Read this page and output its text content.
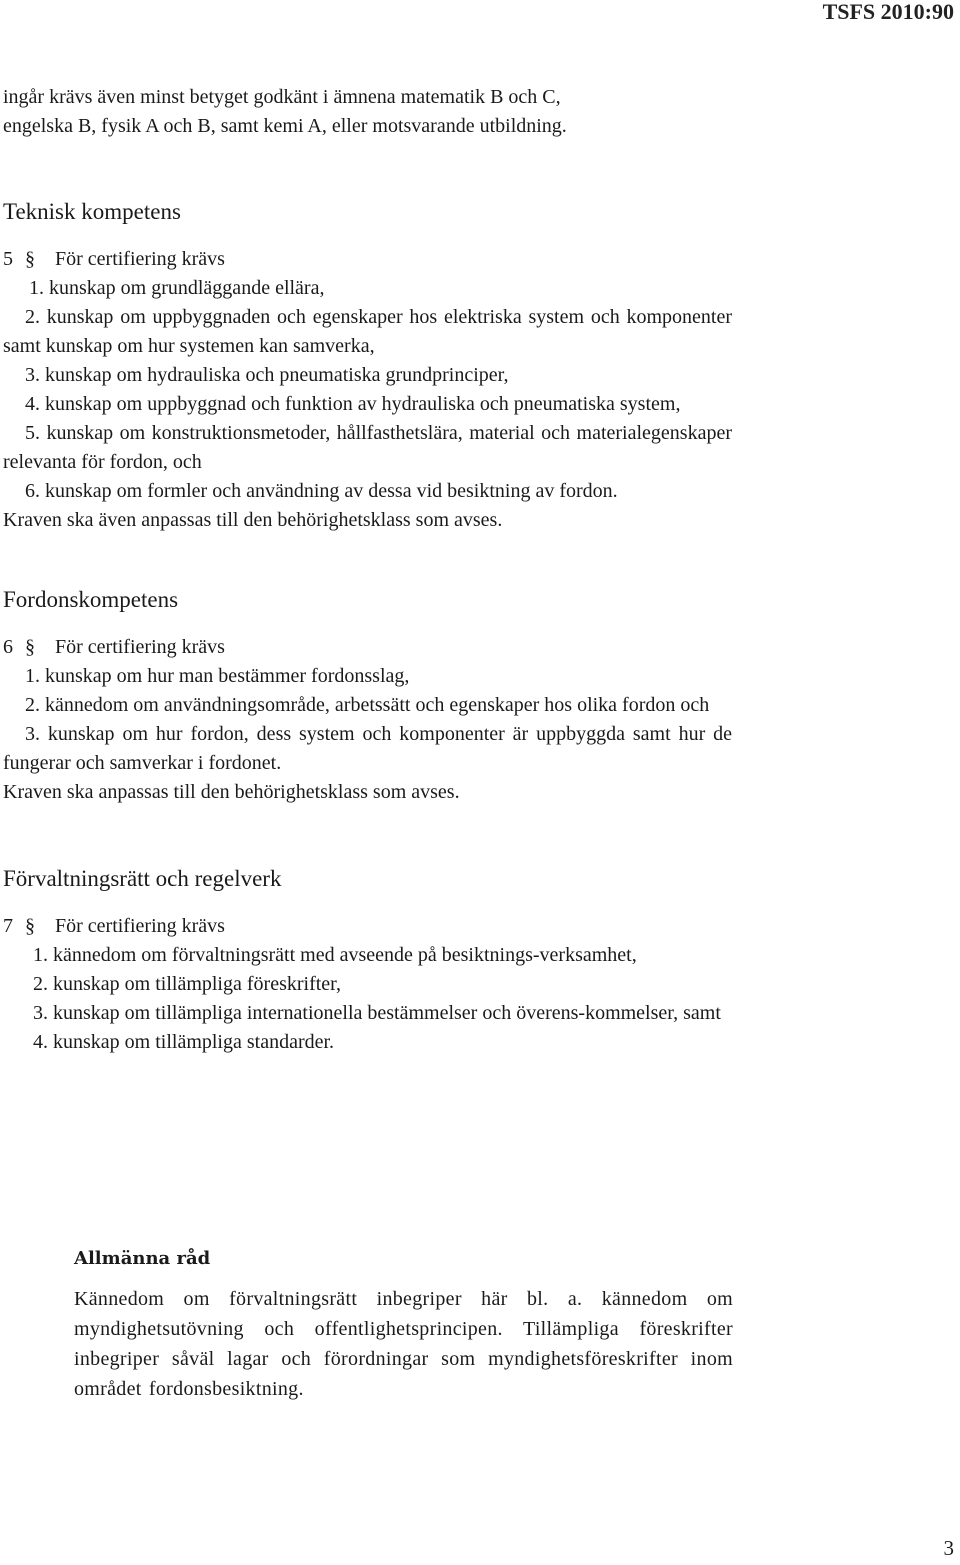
TSFS 2010:90

ingår krävs även minst betyget godkänt i ämnena matematik B och C,

engelska B, fysik A och B, samt kemi A, eller motsvarande utbildning.

Teknisk kompetens

5 § För certifiering krävs

1. kunskap om grundläggande ellära,

2. kunskap om uppbyggnaden och egenskaper hos elektriska system och komponenter samt kunskap om hur systemen kan samverka,

3. kunskap om hydrauliska och pneumatiska grundprinciper,

4. kunskap om uppbyggnad och funktion av hydrauliska och pneumatiska system,

5. kunskap om konstruktionsmetoder, hållfasthetslära, material och materialegenskaper relevanta för fordon, och

6. kunskap om formler och användning av dessa vid besiktning av fordon.

Kraven ska även anpassas till den behörighetsklass som avses.

Fordonskompetens

6 § För certifiering krävs

1. kunskap om hur man bestämmer fordonsslag,

2. kännedom om användningsområde, arbetssätt och egenskaper hos olika fordon och

3. kunskap om hur fordon, dess system och komponenter är uppbyggda samt hur de fungerar och samverkar i fordonet.

Kraven ska anpassas till den behörighetsklass som avses.

Förvaltningsrätt och regelverk

7 § För certifiering krävs

1. kännedom om förvaltningsrätt med avseende på besiktnings-verksamhet,

2. kunskap om tillämpliga föreskrifter,

3. kunskap om tillämpliga internationella bestämmelser och överens-kommelser, samt

4. kunskap om tillämpliga standarder.

Allmänna råd

Kännedom om förvaltningsrätt inbegriper här bl. a. kännedom om myndighetsutövning och offentlighetsprincipen. Tillämpliga föreskrifter inbegriper såväl lagar och förordningar som myndighetsföreskrifter inom området fordonsbesiktning.

3
